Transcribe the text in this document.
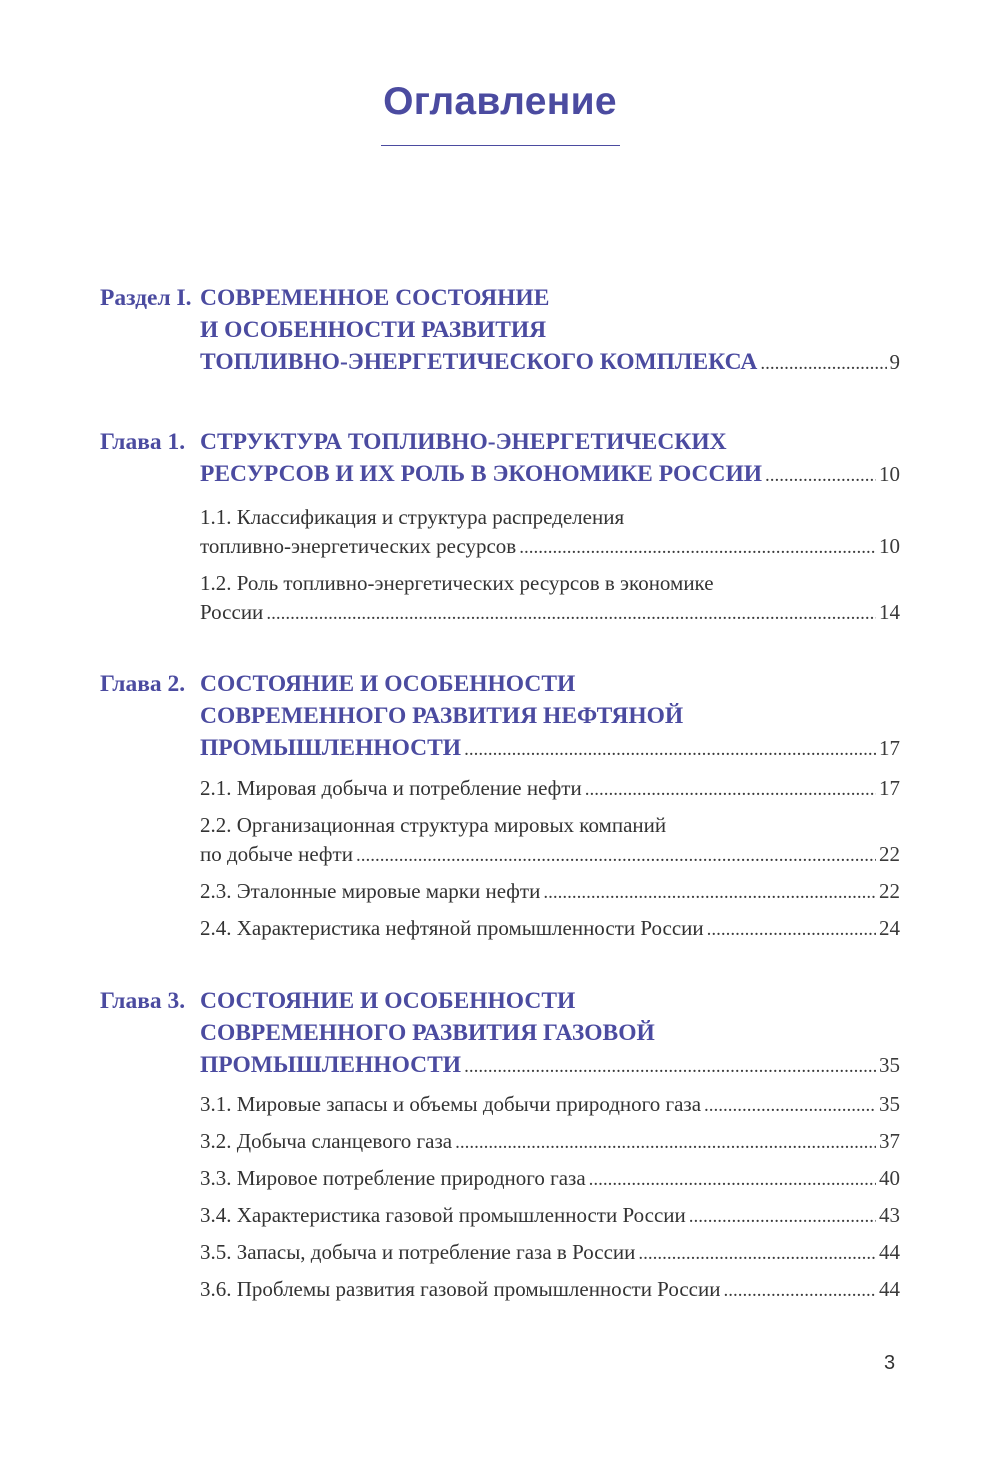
Оглавление
Раздел I. СОВРЕМЕННОЕ СОСТОЯНИЕ
И ОСОБЕННОСТИ РАЗВИТИЯ
ТОПЛИВНО-ЭНЕРГЕТИЧЕСКОГО КОМПЛЕКСА .....	9
Глава 1. СТРУКТУРА ТОПЛИВНО-ЭНЕРГЕТИЧЕСКИХ
РЕСУРСОВ И ИХ РОЛЬ В ЭКОНОМИКЕ РОССИИ .....	10
1.1. Классификация и структура распределения
топливно-энергетических ресурсов .....	10
1.2. Роль топливно-энергетических ресурсов в экономике
России .....	14
Глава 2. СОСТОЯНИЕ И ОСОБЕННОСТИ
СОВРЕМЕННОГО РАЗВИТИЯ НЕФТЯНОЙ
ПРОМЫШЛЕННОСТИ .....	17
2.1. Мировая добыча и потребление нефти .....	17
2.2. Организационная структура мировых компаний
по добыче нефти .....	22
2.3. Эталонные мировые марки нефти .....	22
2.4. Характеристика нефтяной промышленности России .....	24
Глава 3. СОСТОЯНИЕ И ОСОБЕННОСТИ
СОВРЕМЕННОГО РАЗВИТИЯ ГАЗОВОЙ
ПРОМЫШЛЕННОСТИ .....	35
3.1. Мировые запасы и объемы добычи природного газа .....	35
3.2. Добыча сланцевого газа .....	37
3.3. Мировое потребление природного газа .....	40
3.4. Характеристика газовой промышленности России .....	43
3.5. Запасы, добыча и потребление газа в России .....	44
3.6. Проблемы развития газовой промышленности России .....	44
3
